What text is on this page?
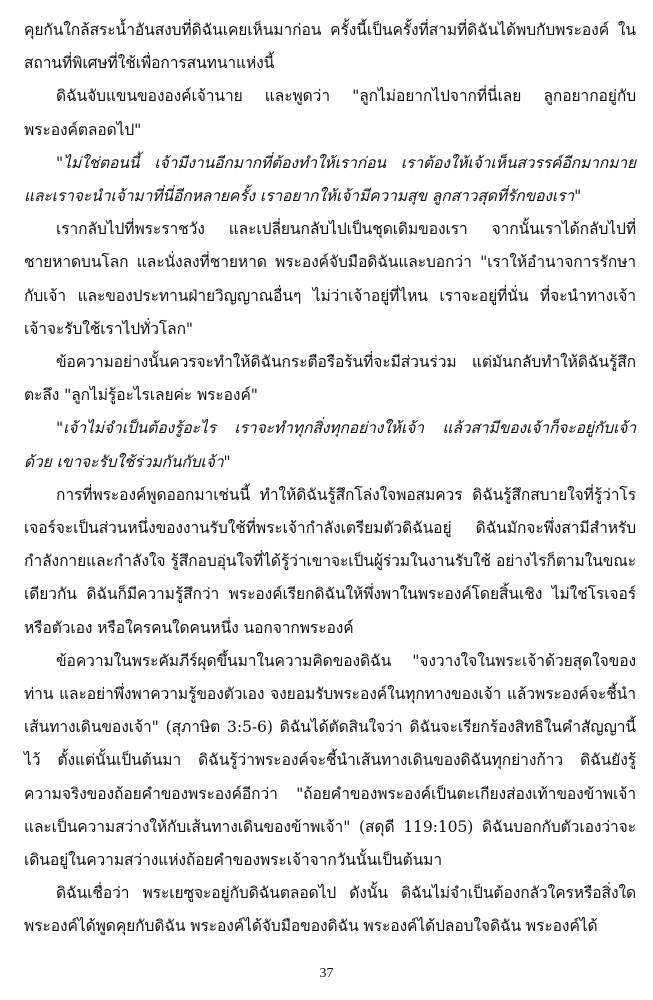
คุยกันใกล้สระน้ำอันสงบที่ดิฉันเคยเห็นมาก่อน ครั้งนี้เป็นครั้งที่สามที่ดิฉันได้พบกับพระองค์ ในสถานที่พิเศษที่ใช้เพื่อการสนทนาแห่งนี้

ดิฉันจับแขนขององค์เจ้านาย และพูดว่า "ลูกไม่อยากไปจากที่นี่เลย ลูกอยากอยู่กับพระองค์ตลอดไป"

"ไม่ใช่ตอนนี้ เจ้ามีงานอีกมากที่ต้องทำให้เราก่อน เราต้องให้เจ้าเห็นสวรรค์อีกมากมาย และเราจะนำเจ้ามาที่นี่อีกหลายครั้ง เราอยากให้เจ้ามีความสุข ลูกสาวสุดที่รักของเรา"

เรากลับไปที่พระราชวัง และเปลี่ยนกลับไปเป็นชุดเดิมของเรา จากนั้นเราได้กลับไปที่ชายหาดบนโลก และนั่งลงที่ชายหาด พระองค์จับมือดิฉันและบอกว่า "เราให้อำนาจการรักษากับเจ้า และของประทานฝ่ายวิญญาณอื่นๆ ไม่ว่าเจ้าอยู่ที่ไหน เราจะอยู่ที่นั่น ที่จะนำทางเจ้า เจ้าจะรับใช้เราไปทั่วโลก"

ข้อความอย่างนั้นควรจะทำให้ดิฉันกระตือรือร้นที่จะมีส่วนร่วม แต่มันกลับทำให้ดิฉันรู้สึกตะลึง "ลูกไม่รู้อะไรเลยค่ะ พระองค์"

"เจ้าไม่จำเป็นต้องรู้อะไร เราจะทำทุกสิ่งทุกอย่างให้เจ้า แล้วสามีของเจ้าก็จะอยู่กับเจ้าด้วย เขาจะรับใช้ร่วมกันกับเจ้า"

การที่พระองค์พูดออกมาเช่นนี้ ทำให้ดิฉันรู้สึกโล่งใจพอสมควร ดิฉันรู้สึกสบายใจที่รู้ว่าโรเจอร์จะเป็นส่วนหนึ่งของงานรับใช้ที่พระเจ้ากำลังเตรียมตัวดิฉันอยู่ ดิฉันมักจะพึ่งสามีสำหรับกำลังกายและกำลังใจ รู้สึกอบอุ่นใจที่ได้รู้ว่าเขาจะเป็นผู้ร่วมในงานรับใช้ อย่างไรก็ตามในขณะเดียวกัน ดิฉันก็มีความรู้สึกว่า พระองค์เรียกดิฉันให้พึ่งพาในพระองค์โดยสิ้นเชิง ไม่ใช่โรเจอร์ หรือตัวเอง หรือใครคนใดคนหนึ่ง นอกจากพระองค์

ข้อความในพระคัมภีร์ผุดขึ้นมาในความคิดของดิฉัน "จงวางใจในพระเจ้าด้วยสุดใจของท่าน และอย่าพึ่งพาความรู้ของตัวเอง จงยอมรับพระองค์ในทุกทางของเจ้า แล้วพระองค์จะชี้นำเส้นทางเดินของเจ้า" (สุภาษิต 3:5-6) ดิฉันได้ตัดสินใจว่า ดิฉันจะเรียกร้องสิทธิในคำสัญญานี้ไว้ ตั้งแต่นั้นเป็นต้นมา ดิฉันรู้ว่าพระองค์จะชี้นำเส้นทางเดินของดิฉันทุกย่างก้าว ดิฉันยังรู้ความจริงของถ้อยคำของพระองค์อีกว่า "ถ้อยคำของพระองค์เป็นตะเกียงส่องเท้าของข้าพเจ้า และเป็นความสว่างให้กับเส้นทางเดินของข้าพเจ้า" (สดุดี 119:105) ดิฉันบอกกับตัวเองว่าจะเดินอยู่ในความสว่างแห่งถ้อยคำของพระเจ้าจากวันนั้นเป็นต้นมา

ดิฉันเชื่อว่า พระเยซูจะอยู่กับดิฉันตลอดไป ดังนั้น ดิฉันไม่จำเป็นต้องกลัวใครหรือสิ่งใด พระองค์ได้พูดคุยกับดิฉัน พระองค์ได้จับมือของดิฉัน พระองค์ได้ปลอบใจดิฉัน พระองค์ได้

37
